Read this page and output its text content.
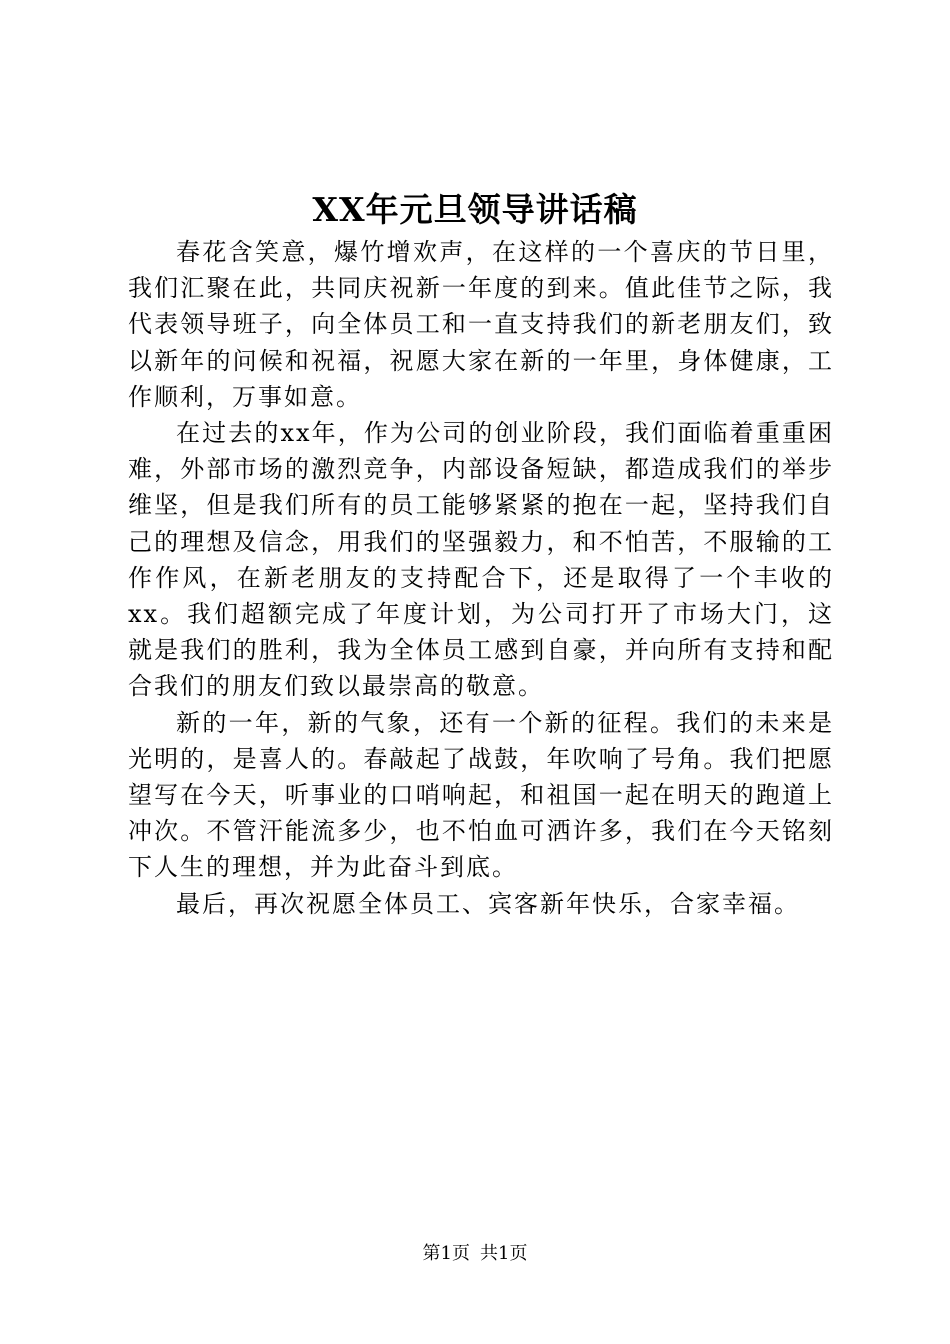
XX年元旦领导讲话稿

春花含笑意，爆竹增欢声，在这样的一个喜庆的节日里，我们汇聚在此，共同庆祝新一年度的到来。值此佳节之际，我代表领导班子，向全体员工和一直支持我们的新老朋友们，致以新年的问候和祝福，祝愿大家在新的一年里，身体健康，工作顺利，万事如意。

在过去的xx年，作为公司的创业阶段，我们面临着重重困难，外部市场的激烈竞争，内部设备短缺，都造成我们的举步维坚，但是我们所有的员工能够紧紧的抱在一起，坚持我们自己的理想及信念，用我们的坚强毅力，和不怕苦，不服输的工作作风，在新老朋友的支持配合下，还是取得了一个丰收的xx。我们超额完成了年度计划，为公司打开了市场大门，这就是我们的胜利，我为全体员工感到自豪，并向所有支持和配合我们的朋友们致以最崇高的敬意。

新的一年，新的气象，还有一个新的征程。我们的未来是光明的，是喜人的。春敲起了战鼓，年吹响了号角。我们把愿望写在今天，听事业的口哨响起，和祖国一起在明天的跑道上冲次。不管汗能流多少，也不怕血可洒许多，我们在今天铭刻下人生的理想，并为此奋斗到底。

最后，再次祝愿全体员工、宾客新年快乐，合家幸福。

第1页 共1页
